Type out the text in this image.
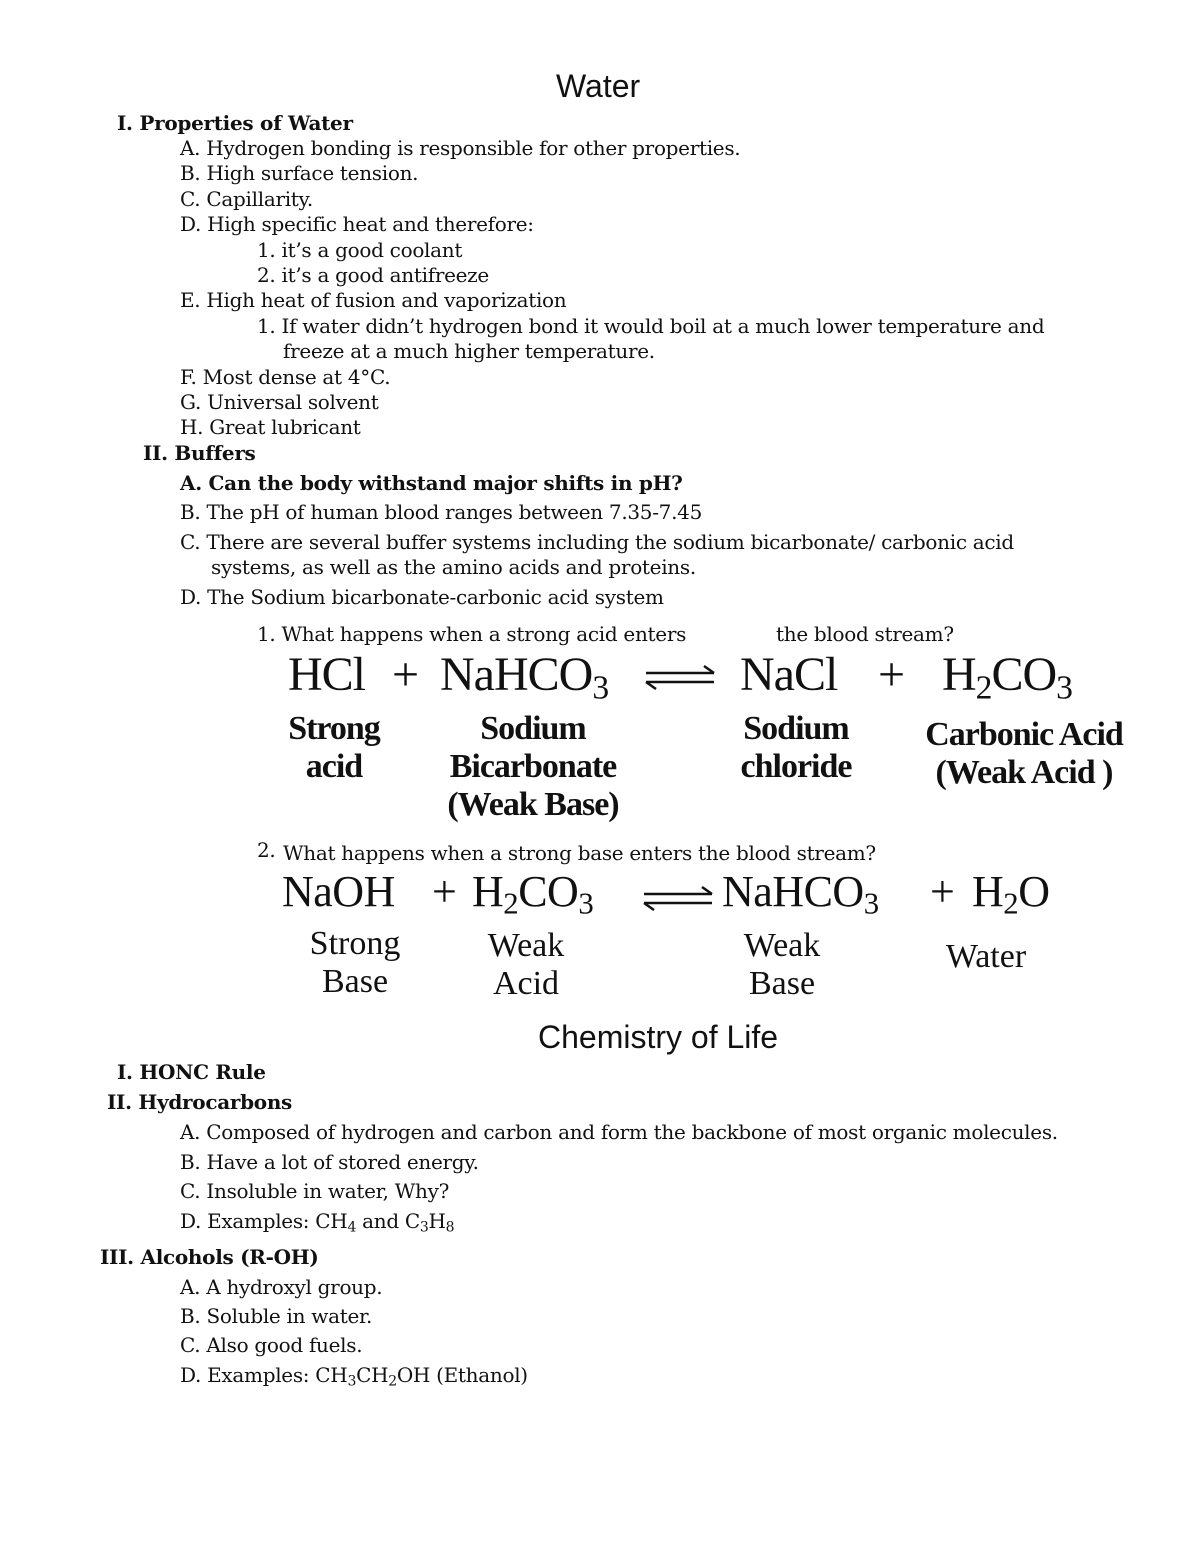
Water
I. Properties of Water
A. Hydrogen bonding is responsible for other properties.
B. High surface tension.
C. Capillarity.
D. High specific heat and therefore:
1. it’s a good coolant
2. it’s a good antifreeze
E. High heat of fusion and vaporization
1. If water didn’t hydrogen bond it would boil at a much lower temperature and
freeze at a much higher temperature.
F. Most dense at 4°C.
G. Universal solvent
H. Great lubricant
II. Buffers
A. Can the body withstand major shifts in pH?
B. The pH of human blood ranges between 7.35-7.45
C. There are several buffer systems including the sodium bicarbonate/ carbonic acid
systems, as well as the amino acids and proteins.
D. The Sodium bicarbonate-carbonic acid system
1. What happens when a strong acid enters	the blood stream?
HCl + NaHCO$_3$	NaCl + $H_2CO_3$
Strong
acid
Sodium
Bicarbonate
(Weak Base)
Sodium
chloride
Carbonic Acid
(Weak Acid )
2. What happens when a strong base enters the blood stream?
NaOH + $H_2CO_3$	NaHCO$_3$ + $H_2O$
Strong
Base
Weak
Acid
Weak
Base
Water
Chemistry of Life
I. HONC Rule
II. Hydrocarbons
A. Composed of hydrogen and carbon and form the backbone of most organic molecules.
B. Have a lot of stored energy.
C. Insoluble in water, Why?
D. Examples: $CH_4$ and $C_3H_8$
III. Alcohols (R-OH)
A. A hydroxyl group.
B. Soluble in water.
C. Also good fuels.
D. Examples: $CH_3CH_2OH$ (Ethanol)
